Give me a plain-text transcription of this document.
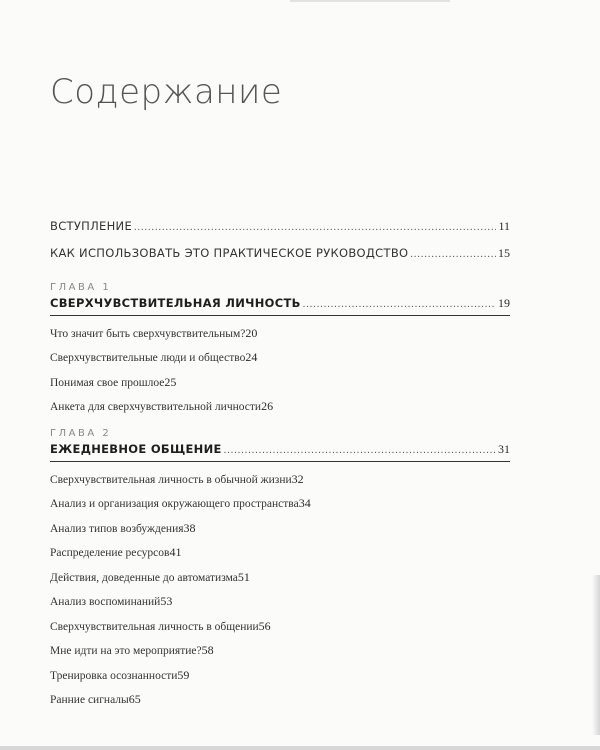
Содержание
ВСТУПЛЕНИЕ .....	11
КАК ИСПОЛЬЗОВАТЬ ЭТО ПРАКТИЧЕСКОЕ РУКОВОДСТВО .....	15
ГЛАВА 1
СВЕРХЧУВСТВИТЕЛЬНАЯ ЛИЧНОСТЬ .....	19
Что значит быть сверхчувствительным? 20
Сверхчувствительные люди и общество 24
Понимая свое прошлое 25
Анкета для сверхчувствительной личности 26
ГЛАВА 2
ЕЖЕДНЕВНОЕ ОБЩЕНИЕ .....	31
Сверхчувствительная личность в обычной жизни 32
Анализ и организация окружающего пространства 34
Анализ типов возбуждения 38
Распределение ресурсов 41
Действия, доведенные до автоматизма 51
Анализ воспоминаний 53
Сверхчувствительная личность в общении 56
Мне идти на это мероприятие? 58
Тренировка осознанности 59
Ранние сигналы 65
